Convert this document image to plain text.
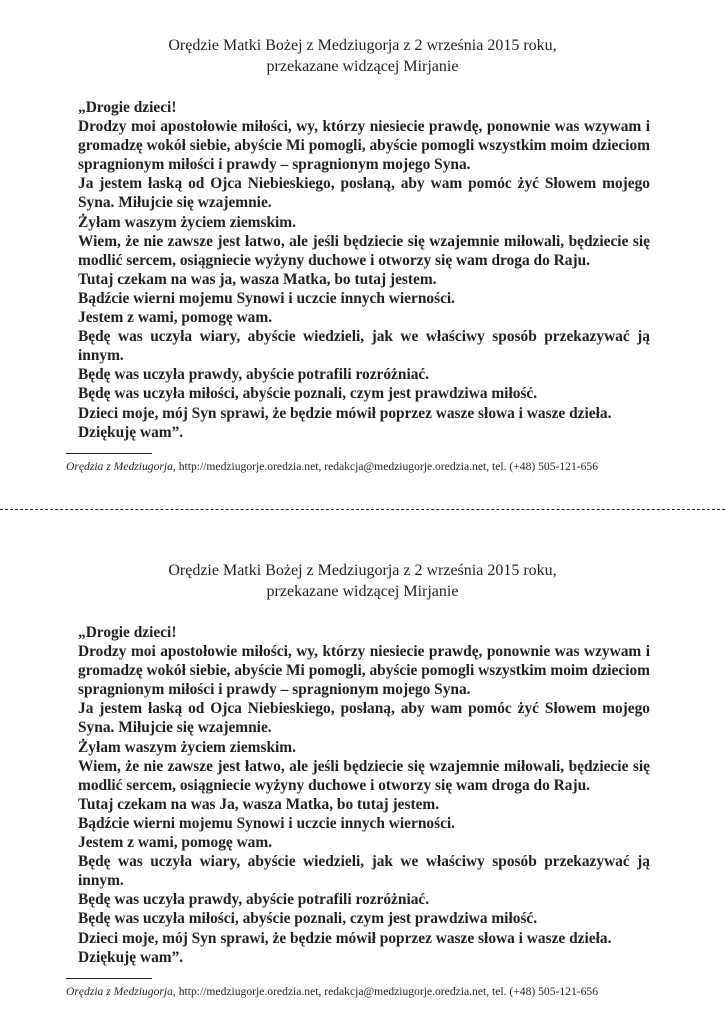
Orędzie Matki Bożej z Medziugorja z 2 września 2015 roku,
przekazane widzącej Mirjanie

„Drogie dzieci!

Drodzy moi apostołowie miłości, wy, którzy niesiecie prawdę, ponownie was wzywam i gromadzę wokół siebie, abyście Mi pomogli, abyście pomogli wszystkim moim dzieciom spragnionym miłości i prawdy – spragnionym mojego Syna.

Ja jestem łaską od Ojca Niebieskiego, posłaną, aby wam pomóc żyć Słowem mojego Syna. Miłujcie się wzajemnie.

Żyłam waszym życiem ziemskim.

Wiem, że nie zawsze jest łatwo, ale jeśli będziecie się wzajemnie miłowali, będziecie się modlić sercem, osiągniecie wyżyny duchowe i otworzy się wam droga do Raju.

Tutaj czekam na was ja, wasza Matka, bo tutaj jestem.

Bądźcie wierni mojemu Synowi i uczcie innych wierności.

Jestem z wami, pomogę wam.

Będę was uczyła wiary, abyście wiedzieli, jak we właściwy sposób przekazywać ją innym.

Będę was uczyła prawdy, abyście potrafili rozróżniać.

Będę was uczyła miłości, abyście poznali, czym jest prawdziwa miłość.

Dzieci moje, mój Syn sprawi, że będzie mówił poprzez wasze słowa i wasze dzieła.

Dziękuję wam”.

Orędzia z Medziugorja, http://medziugorje.oredzia.net, redakcja@medziugorje.oredzia.net, tel. (+48) 505-121-656
Orędzie Matki Bożej z Medziugorja z 2 września 2015 roku,
przekazane widzącej Mirjanie

„Drogie dzieci!

Drodzy moi apostołowie miłości, wy, którzy niesiecie prawdę, ponownie was wzywam i gromadzę wokół siebie, abyście Mi pomogli, abyście pomogli wszystkim moim dzieciom spragnionym miłości i prawdy – spragnionym mojego Syna.

Ja jestem łaską od Ojca Niebieskiego, posłaną, aby wam pomóc żyć Słowem mojego Syna. Miłujcie się wzajemnie.

Żyłam waszym życiem ziemskim.

Wiem, że nie zawsze jest łatwo, ale jeśli będziecie się wzajemnie miłowali, będziecie się modlić sercem, osiągniecie wyżyny duchowe i otworzy się wam droga do Raju.

Tutaj czekam na was Ja, wasza Matka, bo tutaj jestem.

Bądźcie wierni mojemu Synowi i uczcie innych wierności.

Jestem z wami, pomogę wam.

Będę was uczyła wiary, abyście wiedzieli, jak we właściwy sposób przekazywać ją innym.

Będę was uczyła prawdy, abyście potrafili rozróżniać.

Będę was uczyła miłości, abyście poznali, czym jest prawdziwa miłość.

Dzieci moje, mój Syn sprawi, że będzie mówił poprzez wasze słowa i wasze dzieła.

Dziękuję wam”.

Orędzia z Medziugorja, http://medziugorje.oredzia.net, redakcja@medziugorje.oredzia.net, tel. (+48) 505-121-656
